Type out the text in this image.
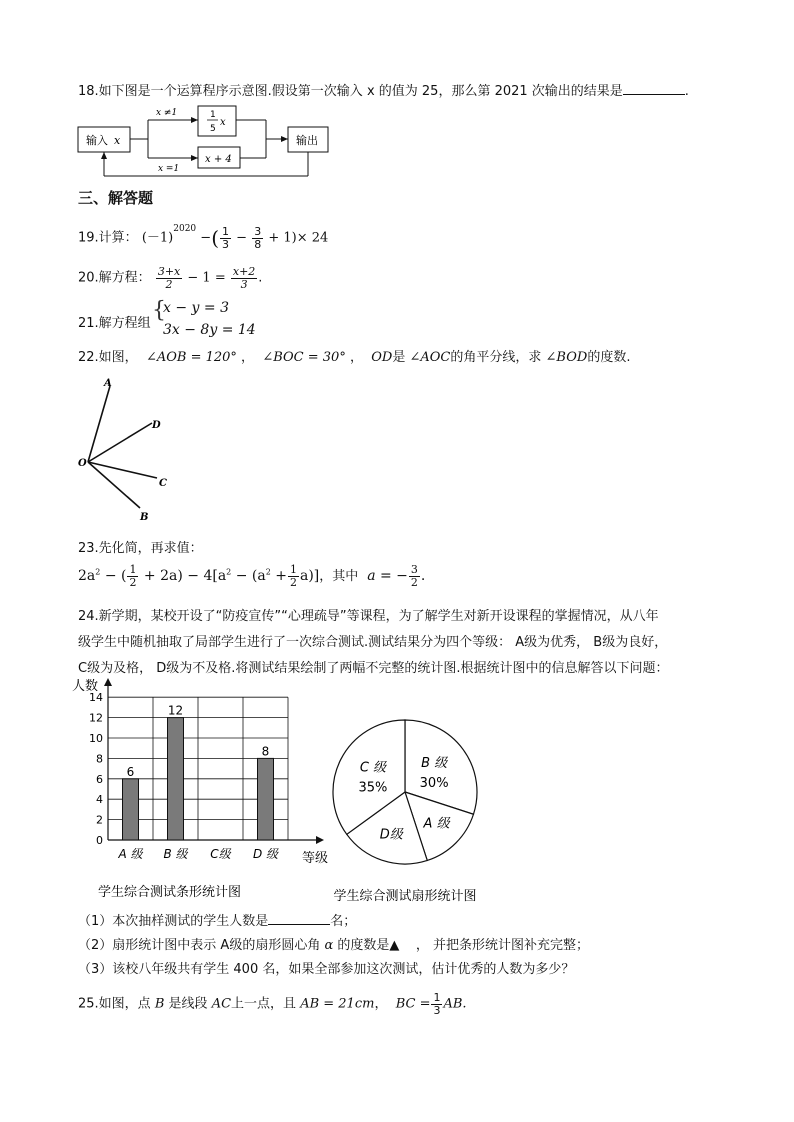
18.如下图是一个运算程序示意图.假设第一次输入 x 的值为 25，那么第 2021 次输出的结果是	.
输入 x
x ≠1
x =1
1
5
x
x + 4
输出
三、解答题
19.计算： $(-1)^{2020}$ −( $\frac{1}{3} - \frac{3}{8} + 1)\times 24$
20.解方程： $\frac{3+x}{2} - 1 = \frac{x+2}{3}$ .
21.解方程组
{
x − y = 3
3x − 8y = 14
22.如图， ∠AOB = 120° ，  ∠BOC = 30° ，  OD是 ∠AOC的角平分线，求 ∠BOD的度数.
A
D
O
C
B
23.先化简，再求值：
$2a^2$ − ( $\frac{1}{2} + 2a) - 4[a^2 - (a^2 + \frac{1}{2} a)]$，其中 a = − $\frac{3}{2}$ .
24.新学期，某校开设了“防疫宣传”“心理疏导”等课程，为了解学生对新开设课程的掌握情况，从八年
级学生中随机抽取了局部学生进行了一次综合测试.测试结果分为四个等级： A级为优秀， B级为良好，
C级为及格， D级为不及格.将测试结果绘制了两幅不完整的统计图.根据统计图中的信息解答以下问题：
0
2
4
6
8
10
12
14
人数
等级
6
A 级
12
B 级 C级
8
D 级
学生综合测试条形统计图
B 级
30%
A 级
D级
C 级
35%
学生综合测试扇形统计图
（1）本次抽样测试的学生人数是	名；
（2）扇形统计图中表示 A级的扇形圆心角 α 的度数是▲ ， 并把条形统计图补充完整；
（3）该校八年级共有学生 400 名，如果全部参加这次测试，估计优秀的人数为多少？
25.如图，点 B 是线段 AC上一点，且 AB = 21cm，  BC = $\frac{1}{3}$ AB.
